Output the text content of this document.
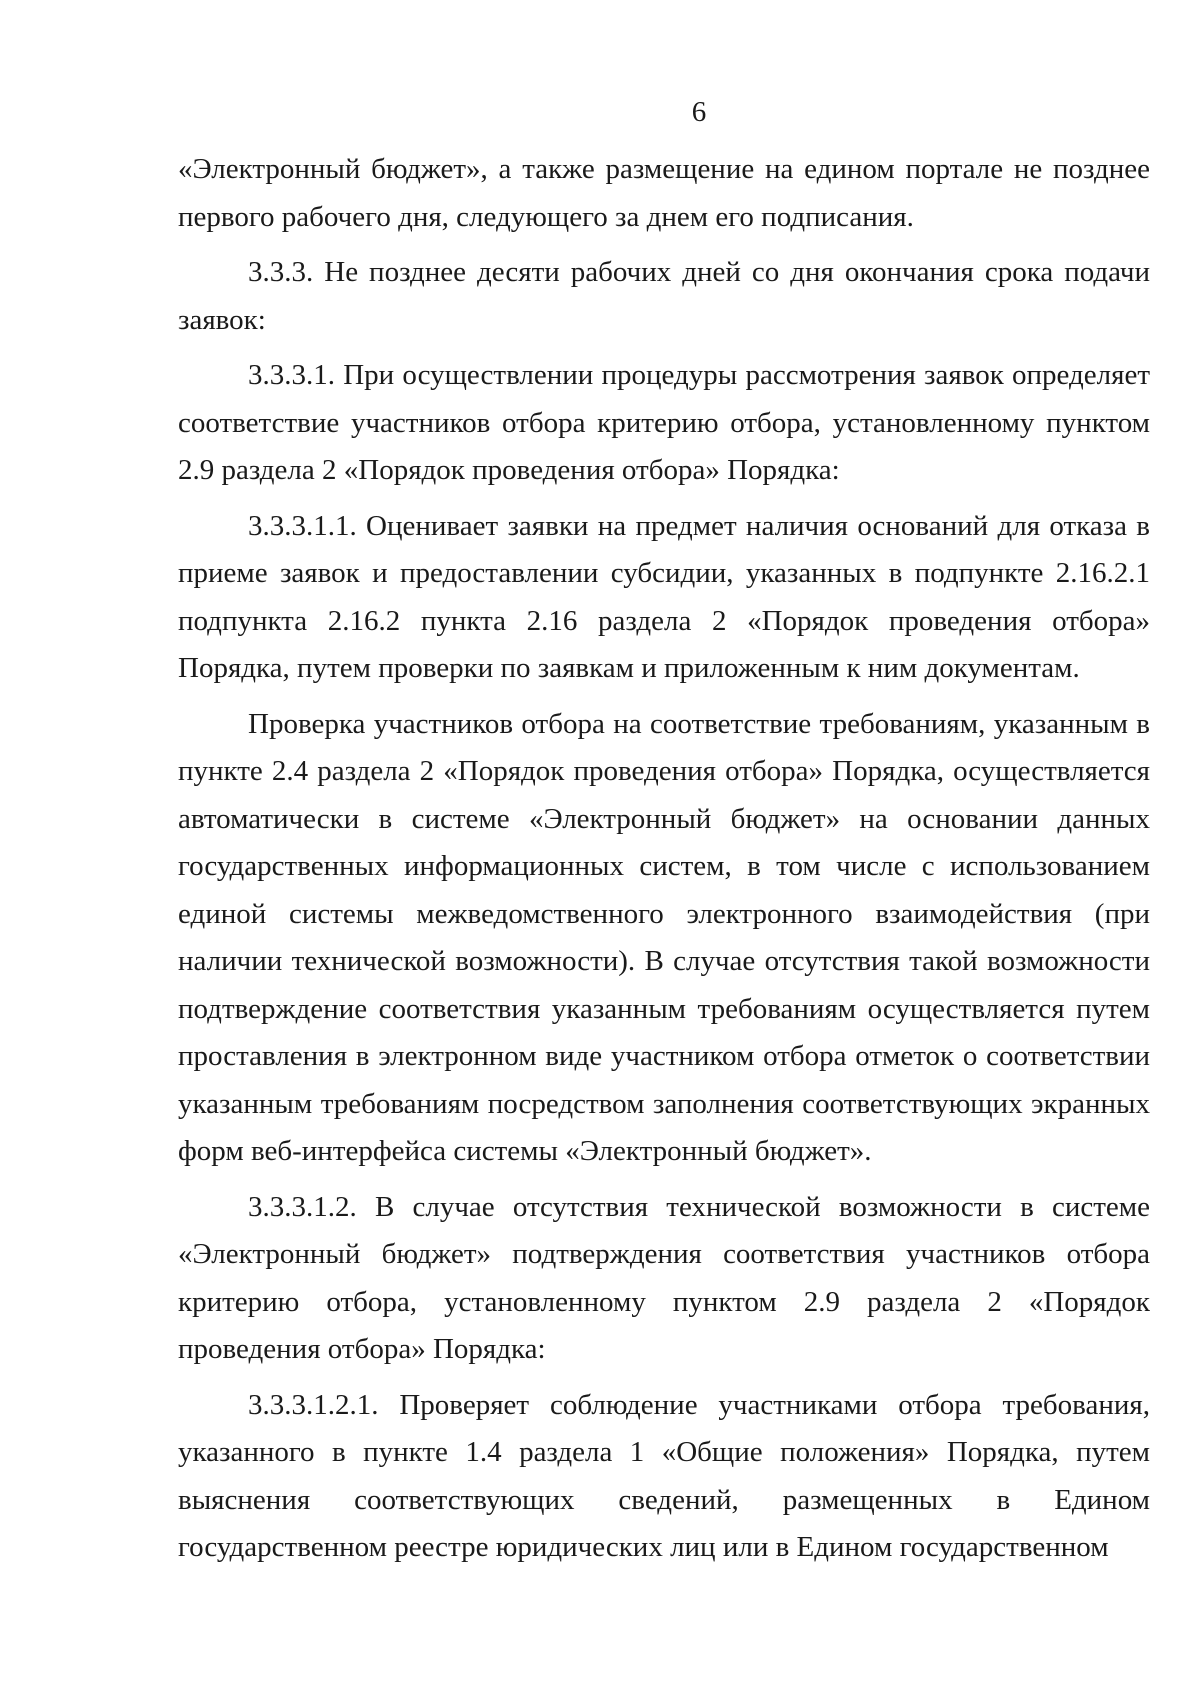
6

«Электронный бюджет», а также размещение на едином портале не позднее первого рабочего дня, следующего за днем его подписания.

3.3.3. Не позднее десяти рабочих дней со дня окончания срока подачи заявок:

3.3.3.1. При осуществлении процедуры рассмотрения заявок определяет соответствие участников отбора критерию отбора, установленному пунктом 2.9 раздела 2 «Порядок проведения отбора» Порядка:

3.3.3.1.1. Оценивает заявки на предмет наличия оснований для отказа в приеме заявок и предоставлении субсидии, указанных в подпункте 2.16.2.1 подпункта 2.16.2 пункта 2.16 раздела 2 «Порядок проведения отбора» Порядка, путем проверки по заявкам и приложенным к ним документам.

Проверка участников отбора на соответствие требованиям, указанным в пункте 2.4 раздела 2 «Порядок проведения отбора» Порядка, осуществляется автоматически в системе «Электронный бюджет» на основании данных государственных информационных систем, в том числе с использованием единой системы межведомственного электронного взаимодействия (при наличии технической возможности). В случае отсутствия такой возможности подтверждение соответствия указанным требованиям осуществляется путем проставления в электронном виде участником отбора отметок о соответствии указанным требованиям посредством заполнения соответствующих экранных форм веб-интерфейса системы «Электронный бюджет».

3.3.3.1.2. В случае отсутствия технической возможности в системе «Электронный бюджет» подтверждения соответствия участников отбора критерию отбора, установленному пунктом 2.9 раздела 2 «Порядок проведения отбора» Порядка:

3.3.3.1.2.1. Проверяет соблюдение участниками отбора требования, указанного в пункте 1.4 раздела 1 «Общие положения» Порядка, путем выяснения соответствующих сведений, размещенных в Едином государственном реестре юридических лиц или в Едином государственном
